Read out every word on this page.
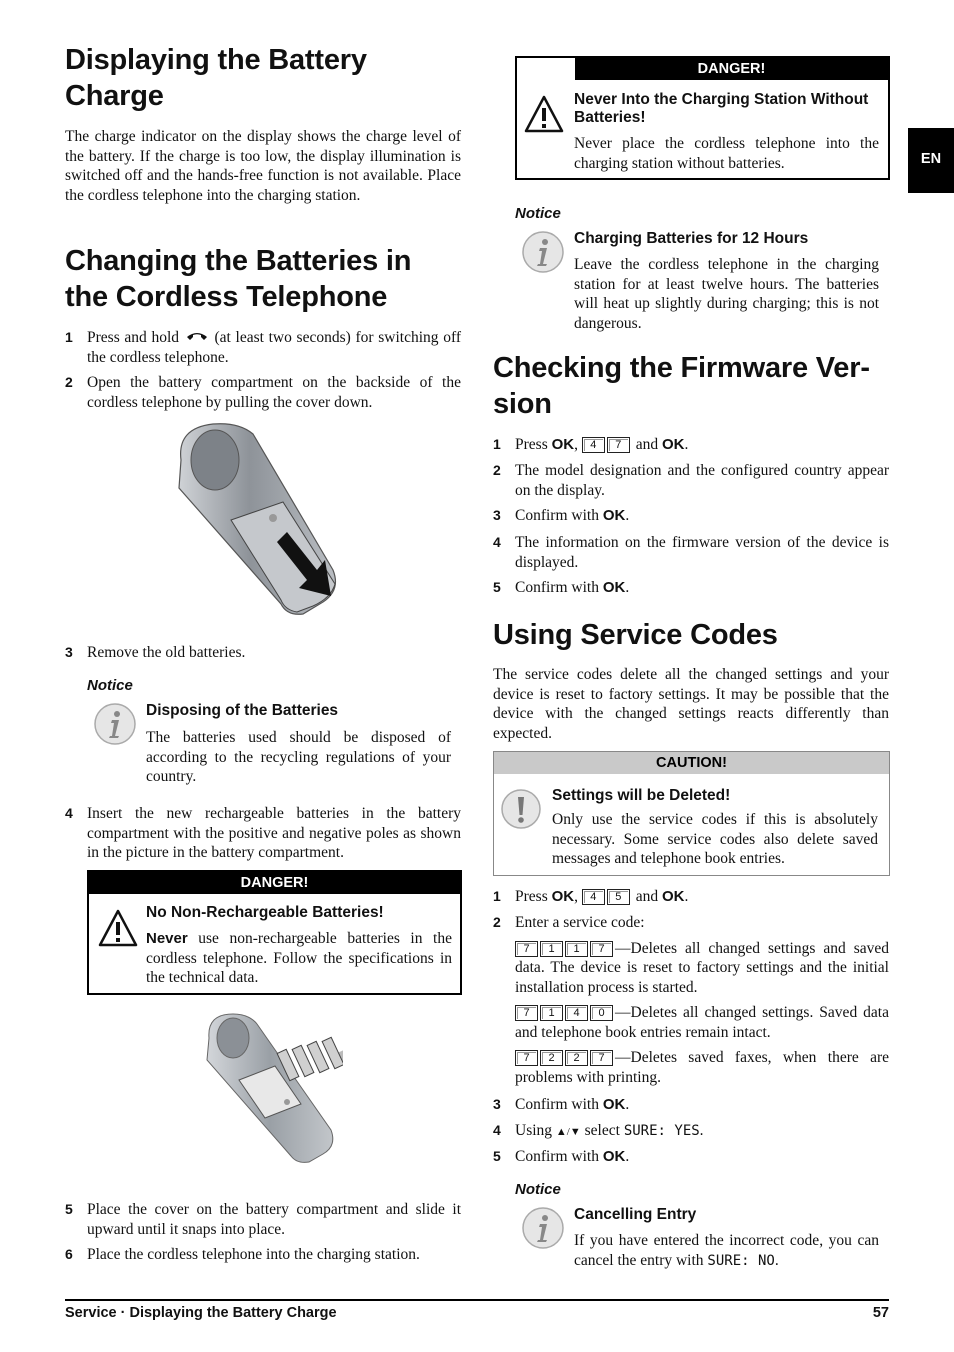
EN
Displaying the Battery Charge

The charge indicator on the display shows the charge level of the battery. If the charge is too low, the display illumination is switched off and the hands-free function is not available. Place the cordless telephone into the charging station.

Changing the Batteries in the Cordless Telephone
1 Press and hold (at least two seconds) for switching off the cordless telephone.
2 Open the battery compartment on the backside of the cordless telephone by pulling the cover down.
3 Remove the old batteries.
Notice
Disposing of the Batteries
The batteries used should be disposed of according to the recycling regulations of your country.
4 Insert the new rechargeable batteries in the battery compartment with the positive and negative poles as shown in the picture in the battery compartment.
DANGER!
No Non-Rechargeable Batteries!
Never use non-rechargeable batteries in the cordless telephone. Follow the specifications in the technical data.
5 Place the cover on the battery compartment and slide it upward until it snaps into place.
6 Place the cordless telephone into the charging station.
DANGER!
Never Into the Charging Station Without Batteries!
Never place the cordless telephone into the charging station without batteries.
Notice
Charging Batteries for 12 Hours
Leave the cordless telephone in the charging station for at least twelve hours. The batteries will heat up slightly during charging; this is not dangerous.
Checking the Firmware Version
1 Press OK, 4 7 and OK.
2 The model designation and the configured country appear on the display.
3 Confirm with OK.
4 The information on the firmware version of the device is displayed.
5 Confirm with OK.
Using Service Codes

The service codes delete all the changed settings and your device is reset to factory settings. It may be possible that the device with the changed settings reacts differently than expected.

CAUTION!
Settings will be Deleted!
Only use the service codes if this is absolutely necessary. Some service codes also delete saved messages and telephone book entries.
1 Press OK, 4 5 and OK.
2 Enter a service code:
7 1 1 7 —Deletes all changed settings and saved data. The device is reset to factory settings and the initial installation process is started.
7 1 4 0 —Deletes all changed settings. Saved data and telephone book entries remain intact.
7 2 2 7 —Deletes saved faxes, when there are problems with printing.
3 Confirm with OK.
4 Using ▲/▼ select SURE: YES.
5 Confirm with OK.
Notice
Cancelling Entry
If you have entered the incorrect code, you can cancel the entry with SURE: NO.
Service · Displaying the Battery Charge	57
